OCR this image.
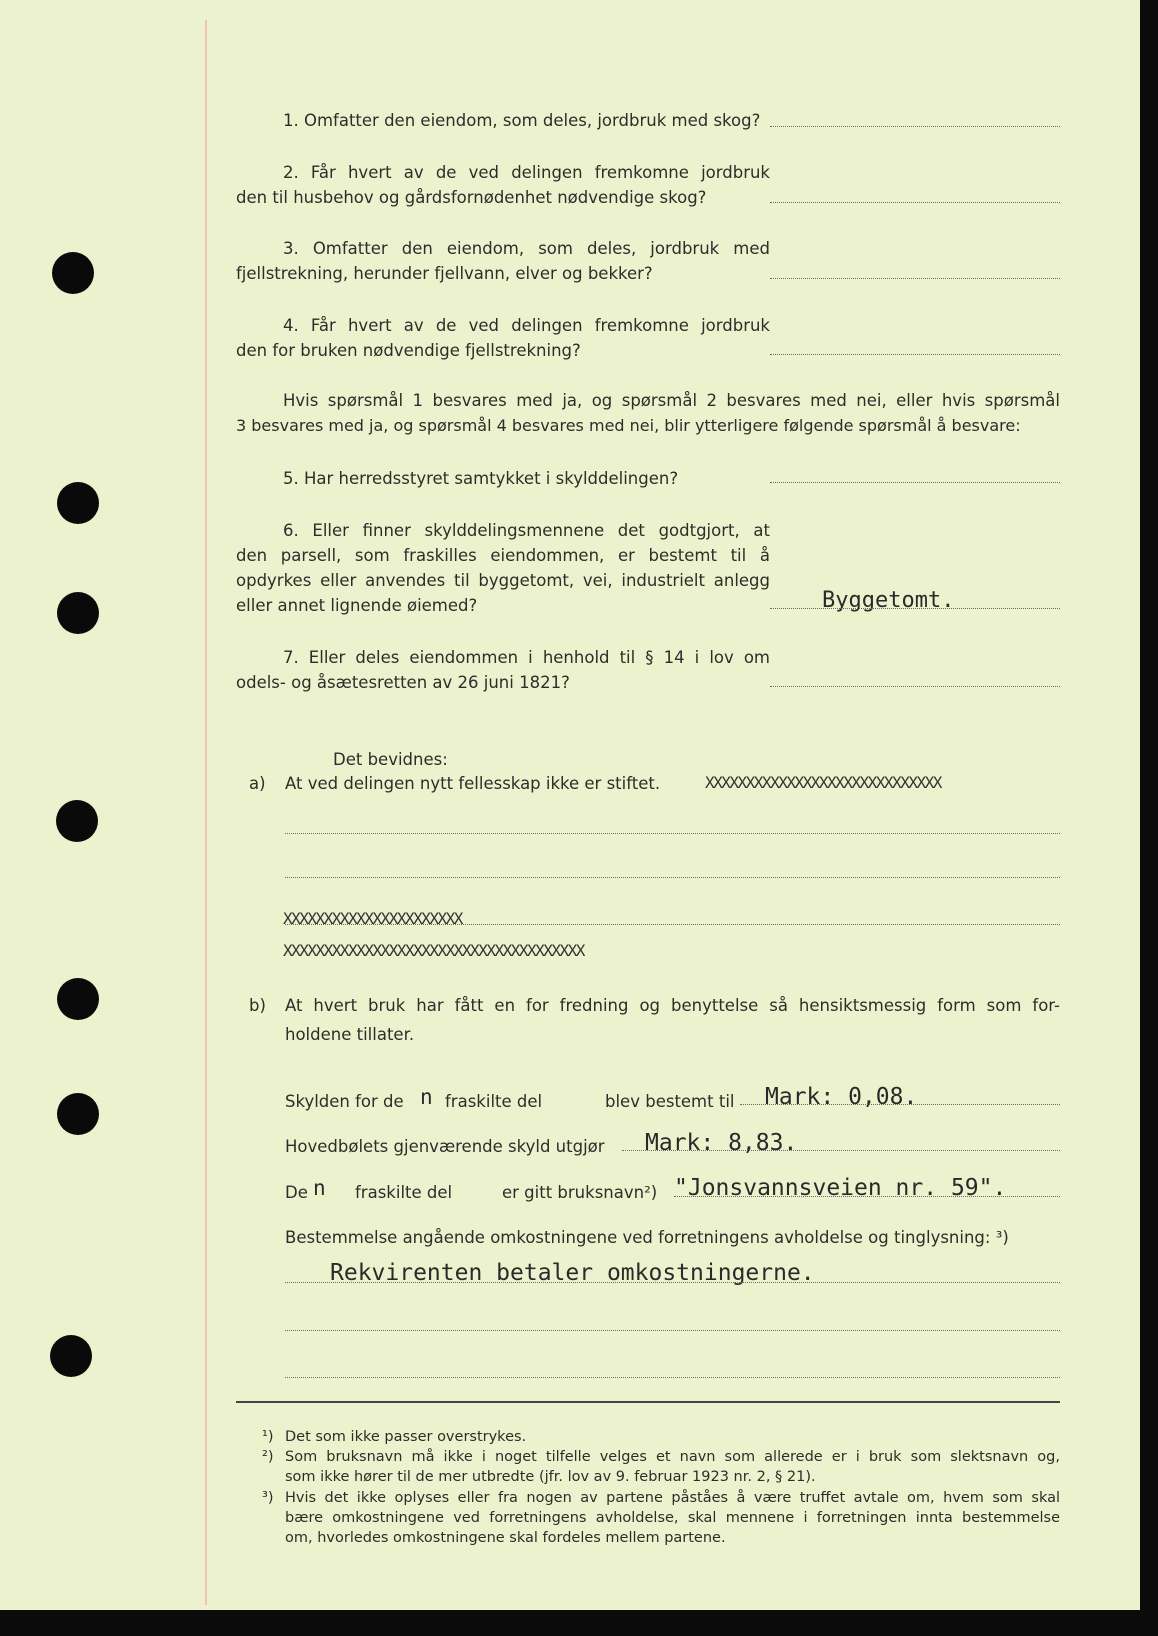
1. Omfatter den eiendom, som deles, jordbruk med skog?
2. Får hvert av de ved delingen fremkomne jordbruk
den til husbehov og gårdsfornødenhet nødvendige skog?
3. Omfatter den eiendom, som deles, jordbruk med
fjellstrekning, herunder fjellvann, elver og bekker?
4. Får hvert av de ved delingen fremkomne jordbruk
den for bruken nødvendige fjellstrekning?
Hvis spørsmål 1 besvares med ja, og spørsmål 2 besvares med nei, eller hvis spørsmål
3 besvares med ja, og spørsmål 4 besvares med nei, blir ytterligere følgende spørsmål å besvare:
5. Har herredsstyret samtykket i skylddelingen?
6. Eller finner skylddelingsmennene det godtgjort, at
den parsell, som fraskilles eiendommen, er bestemt til å
opdyrkes eller anvendes til byggetomt, vei, industrielt anlegg
eller annet lignende øiemed?	Byggetomt.
7. Eller deles eiendommen i henhold til § 14 i lov om
odels- og åsætesretten av 26 juni 1821?
Det bevidnes:
a) At ved delingen nytt fellesskap ikke er stiftet.	XXXXXXXXXXXXXXXXXXXXXXXXXXXXX
XXXXXXXXXXXXXXXXXXXXXX
XXXXXXXXXXXXXXXXXXXXXXXXXXXXXXXXXXXXX
b) At hvert bruk har fått en for fredning og benyttelse så hensiktsmessig form som for-
holdene tillater.
Skylden for de n fraskilte del	blev bestemt til Mark: 0,08.
Hovedbølets gjenværende skyld utgjør Mark: 8,83.
De n fraskilte del	er gitt bruksnavn²) "Jonsvannsveien nr. 59".
Bestemmelse angående omkostningene ved forretningens avholdelse og tinglysning: ³)
Rekvirenten betaler omkostningerne.
¹) Det som ikke passer overstrykes.
²) Som bruksnavn må ikke i noget tilfelle velges et navn som allerede er i bruk som slektsnavn og,
som ikke hører til de mer utbredte (jfr. lov av 9. februar 1923 nr. 2, § 21).
³) Hvis det ikke oplyses eller fra nogen av partene påståes å være truffet avtale om, hvem som skal
bære omkostningene ved forretningens avholdelse, skal mennene i forretningen innta bestemmelse
om, hvorledes omkostningene skal fordeles mellem partene.
